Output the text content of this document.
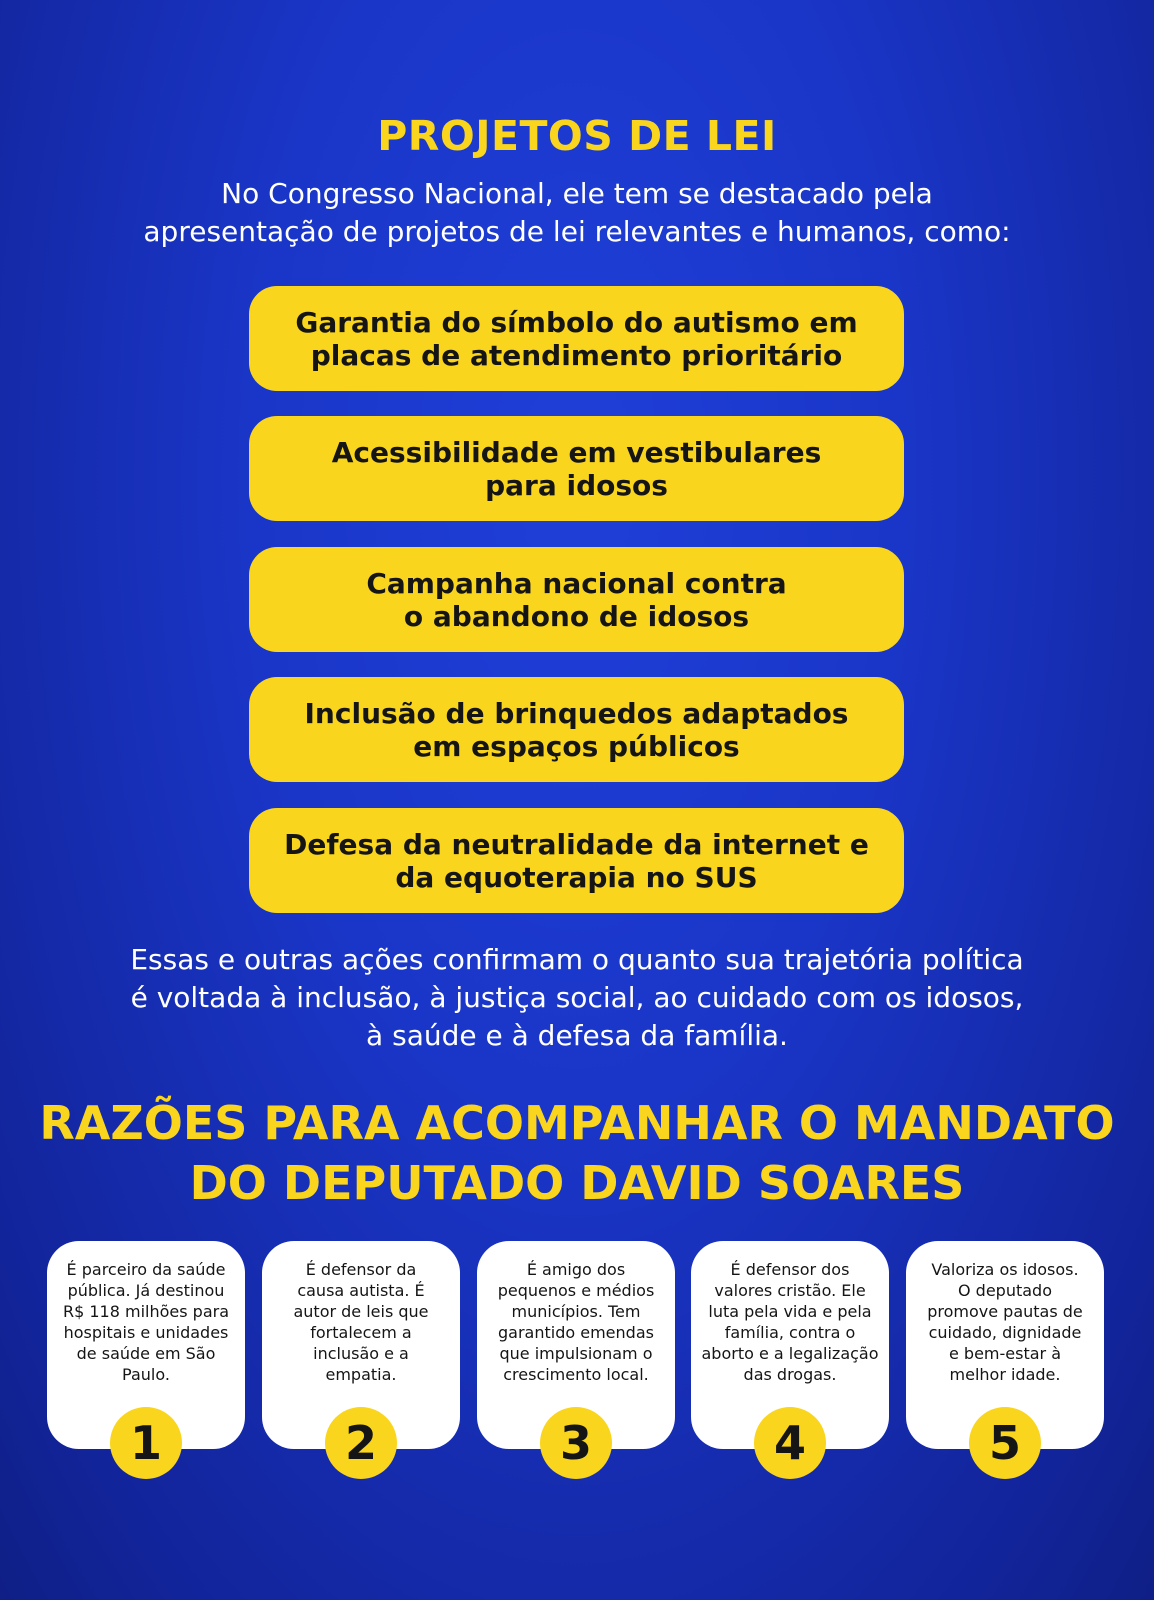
PROJETOS DE LEI
No Congresso Nacional, ele tem se destacado pela
apresentação de projetos de lei relevantes e humanos, como:
Garantia do símbolo do autismo em
placas de atendimento prioritário
Acessibilidade em vestibulares
para idosos
Campanha nacional contra
o abandono de idosos
Inclusão de brinquedos adaptados
em espaços públicos
Defesa da neutralidade da internet e
da equoterapia no SUS
Essas e outras ações confirmam o quanto sua trajetória política
é voltada à inclusão, à justiça social, ao cuidado com os idosos,
à saúde e à defesa da família.
RAZÕES PARA ACOMPANHAR O MANDATO
DO DEPUTADO DAVID SOARES
É parceiro da saúde
pública. Já destinou
R$ 118 milhões para
hospitais e unidades
de saúde em São
Paulo.
É defensor da
causa autista. É
autor de leis que
fortalecem a
inclusão e a
empatia.
É amigo dos
pequenos e médios
municípios. Tem
garantido emendas
que impulsionam o
crescimento local.
É defensor dos
valores cristão. Ele
luta pela vida e pela
família, contra o
aborto e a legalização
das drogas.
Valoriza os idosos.
O deputado
promove pautas de
cuidado, dignidade
e bem-estar à
melhor idade.
1	2	3	4	5
